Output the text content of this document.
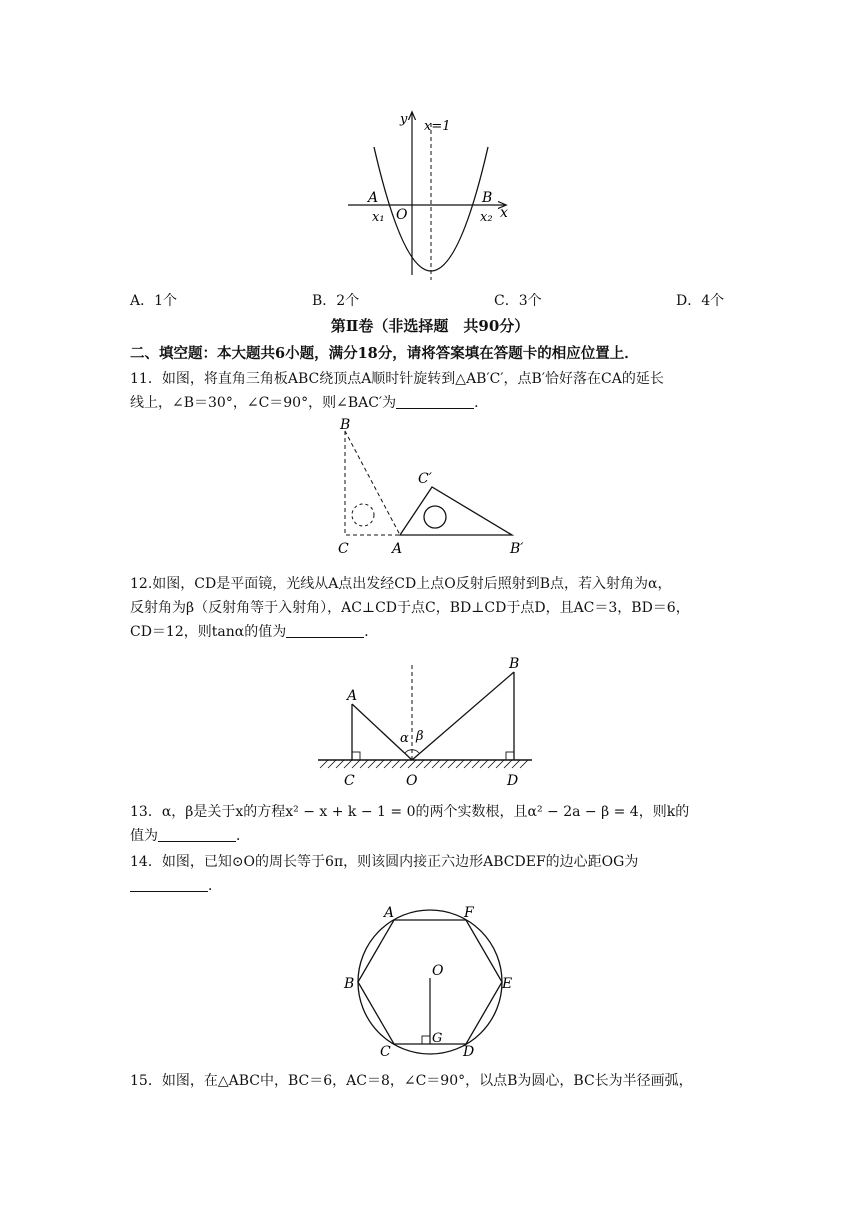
y x=1
A	B
O
x₁	x₂ x
A．1个	B．2个	C．3个	D．4个
第Ⅱ卷（非选择题　共90分）
二、填空题：本大题共6小题，满分18分，请将答案填在答题卡的相应位置上．
11．如图，将直角三角板ABC绕顶点A顺时针旋转到△AB′C′，点B′恰好落在CA的延长
线上，∠B＝30°，∠C＝90°，则∠BAC′为	．
B
C	A
C′
B′
12.如图，CD是平面镜，光线从A点出发经CD上点O反射后照射到B点，若入射角为α，
反射角为β（反射角等于入射角），AC⊥CD于点C，BD⊥CD于点D，且AC＝3，BD＝6，
CD＝12，则tanα的值为	．
A
B
C	O	D
α β
13．α，β是关于x的方程x² − x + k − 1 = 0的两个实数根，且α² − 2a − β = 4，则k的
值为	．
14．如图，已知⊙O的周长等于6π，则该圆内接正六边形ABCDEF的边心距OG为
．
A	F
B	E
C	D
O
G
15．如图，在△ABC中，BC＝6，AC＝8，∠C＝90°，以点B为圆心，BC长为半径画弧，
